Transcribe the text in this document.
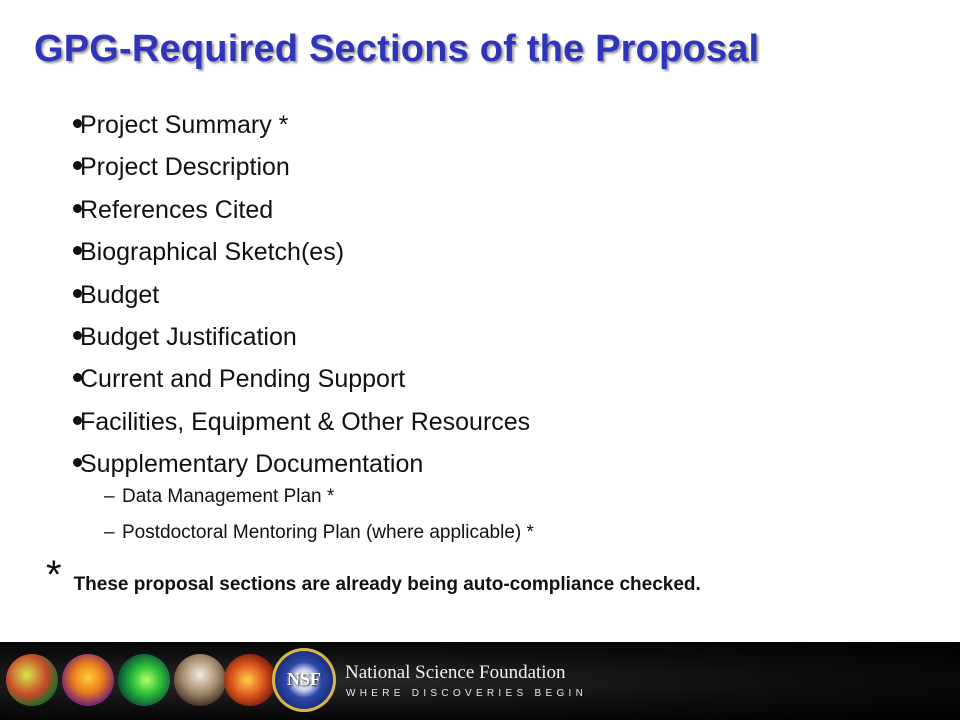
GPG-Required Sections of the Proposal
Project Summary *
Project Description
References Cited
Biographical Sketch(es)
Budget
Budget Justification
Current and Pending Support
Facilities, Equipment & Other Resources
Supplementary Documentation
– Data Management Plan *
– Postdoctoral Mentoring Plan (where applicable) *
* These proposal sections are already being auto-compliance checked.
NSF	National Science Foundation
WHERE DISCOVERIES BEGIN
